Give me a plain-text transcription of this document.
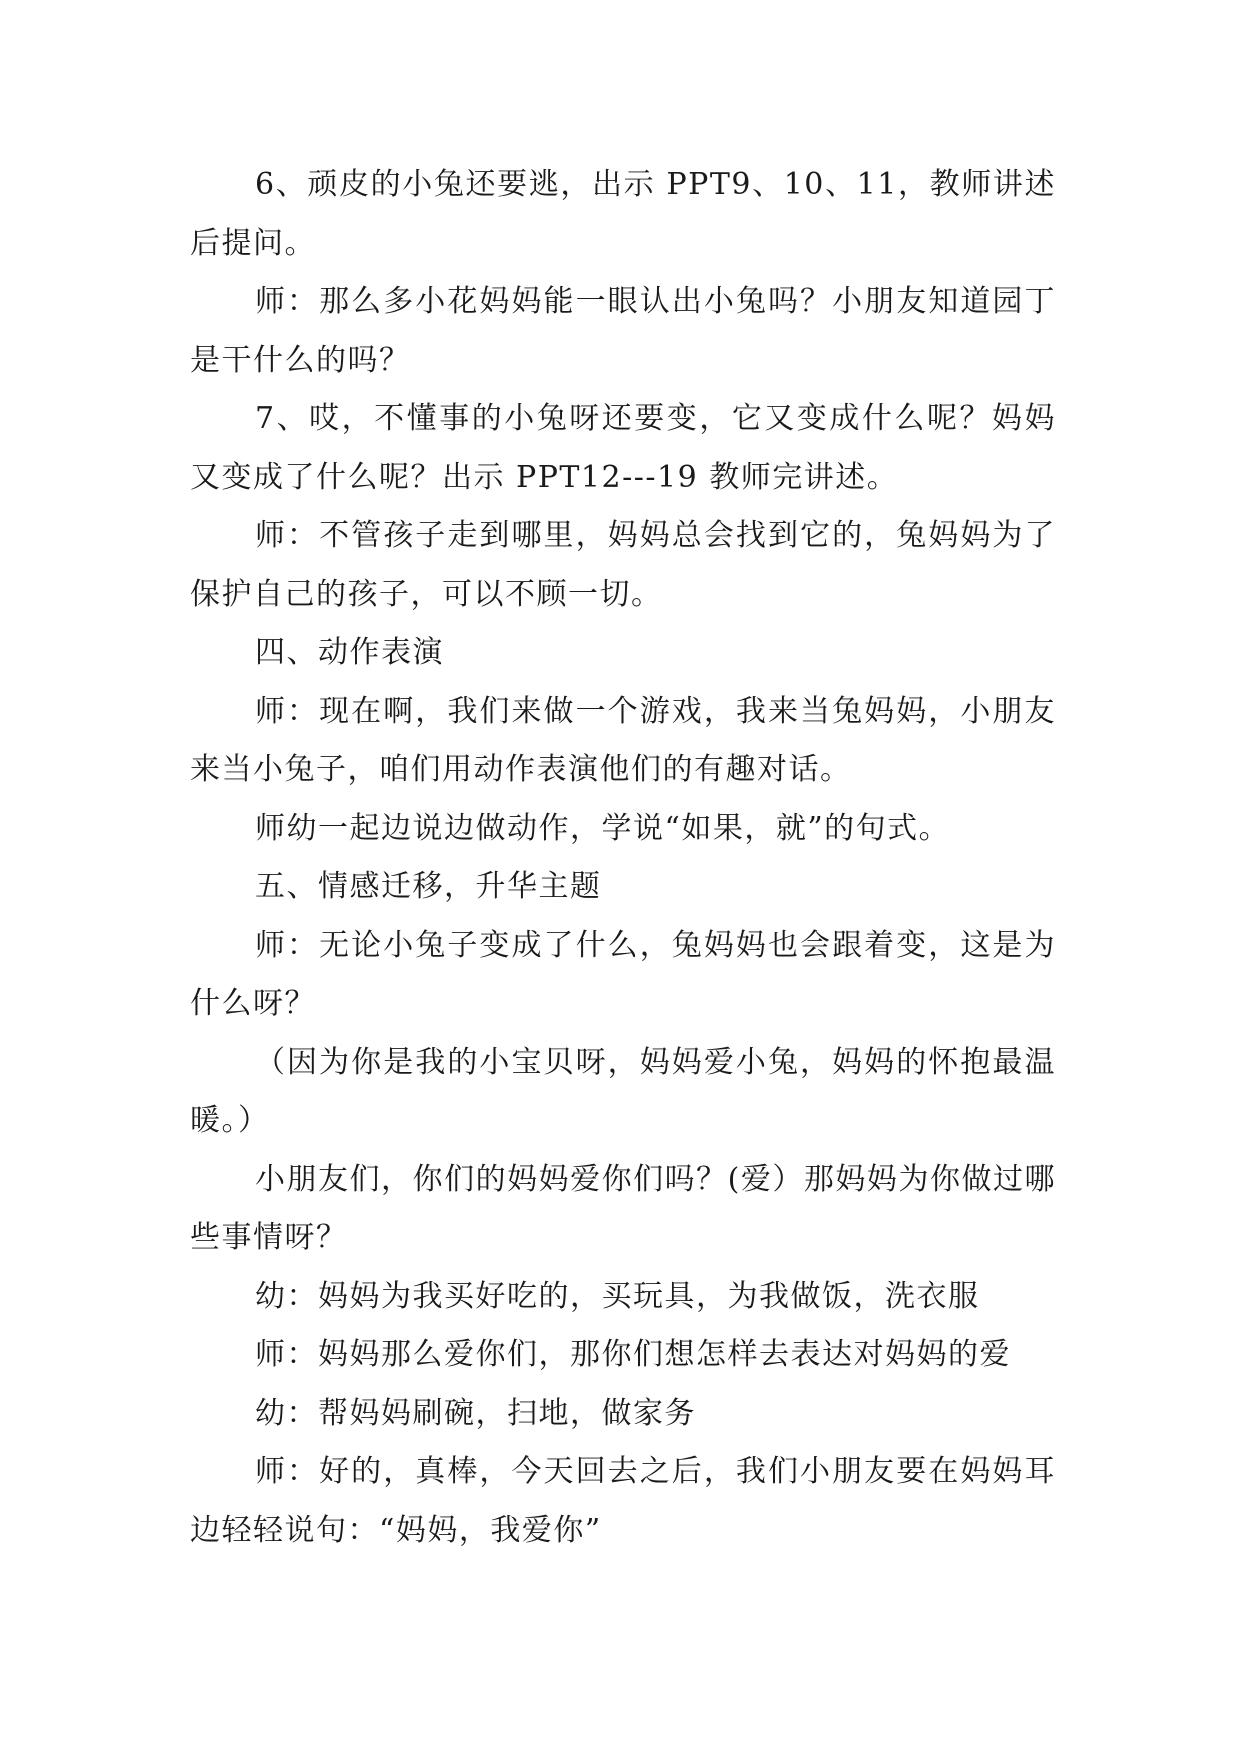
6、顽皮的小兔还要逃，出示 PPT9、10、11，教师讲述后提问。

师：那么多小花妈妈能一眼认出小兔吗？小朋友知道园丁是干什么的吗？

7、哎，不懂事的小兔呀还要变，它又变成什么呢？妈妈又变成了什么呢？出示 PPT12---19 教师完讲述。

师：不管孩子走到哪里，妈妈总会找到它的，兔妈妈为了保护自己的孩子，可以不顾一切。

四、动作表演

师：现在啊，我们来做一个游戏，我来当兔妈妈，小朋友来当小兔子，咱们用动作表演他们的有趣对话。

师幼一起边说边做动作，学说“如果，就”的句式。

五、情感迁移，升华主题

师：无论小兔子变成了什么，兔妈妈也会跟着变，这是为什么呀？

（因为你是我的小宝贝呀，妈妈爱小兔，妈妈的怀抱最温暖。）

小朋友们，你们的妈妈爱你们吗？(爱）那妈妈为你做过哪些事情呀？

幼：妈妈为我买好吃的，买玩具，为我做饭，洗衣服

师：妈妈那么爱你们，那你们想怎样去表达对妈妈的爱

幼：帮妈妈刷碗，扫地，做家务

师：好的，真棒，今天回去之后，我们小朋友要在妈妈耳边轻轻说句：“妈妈，我爱你”
